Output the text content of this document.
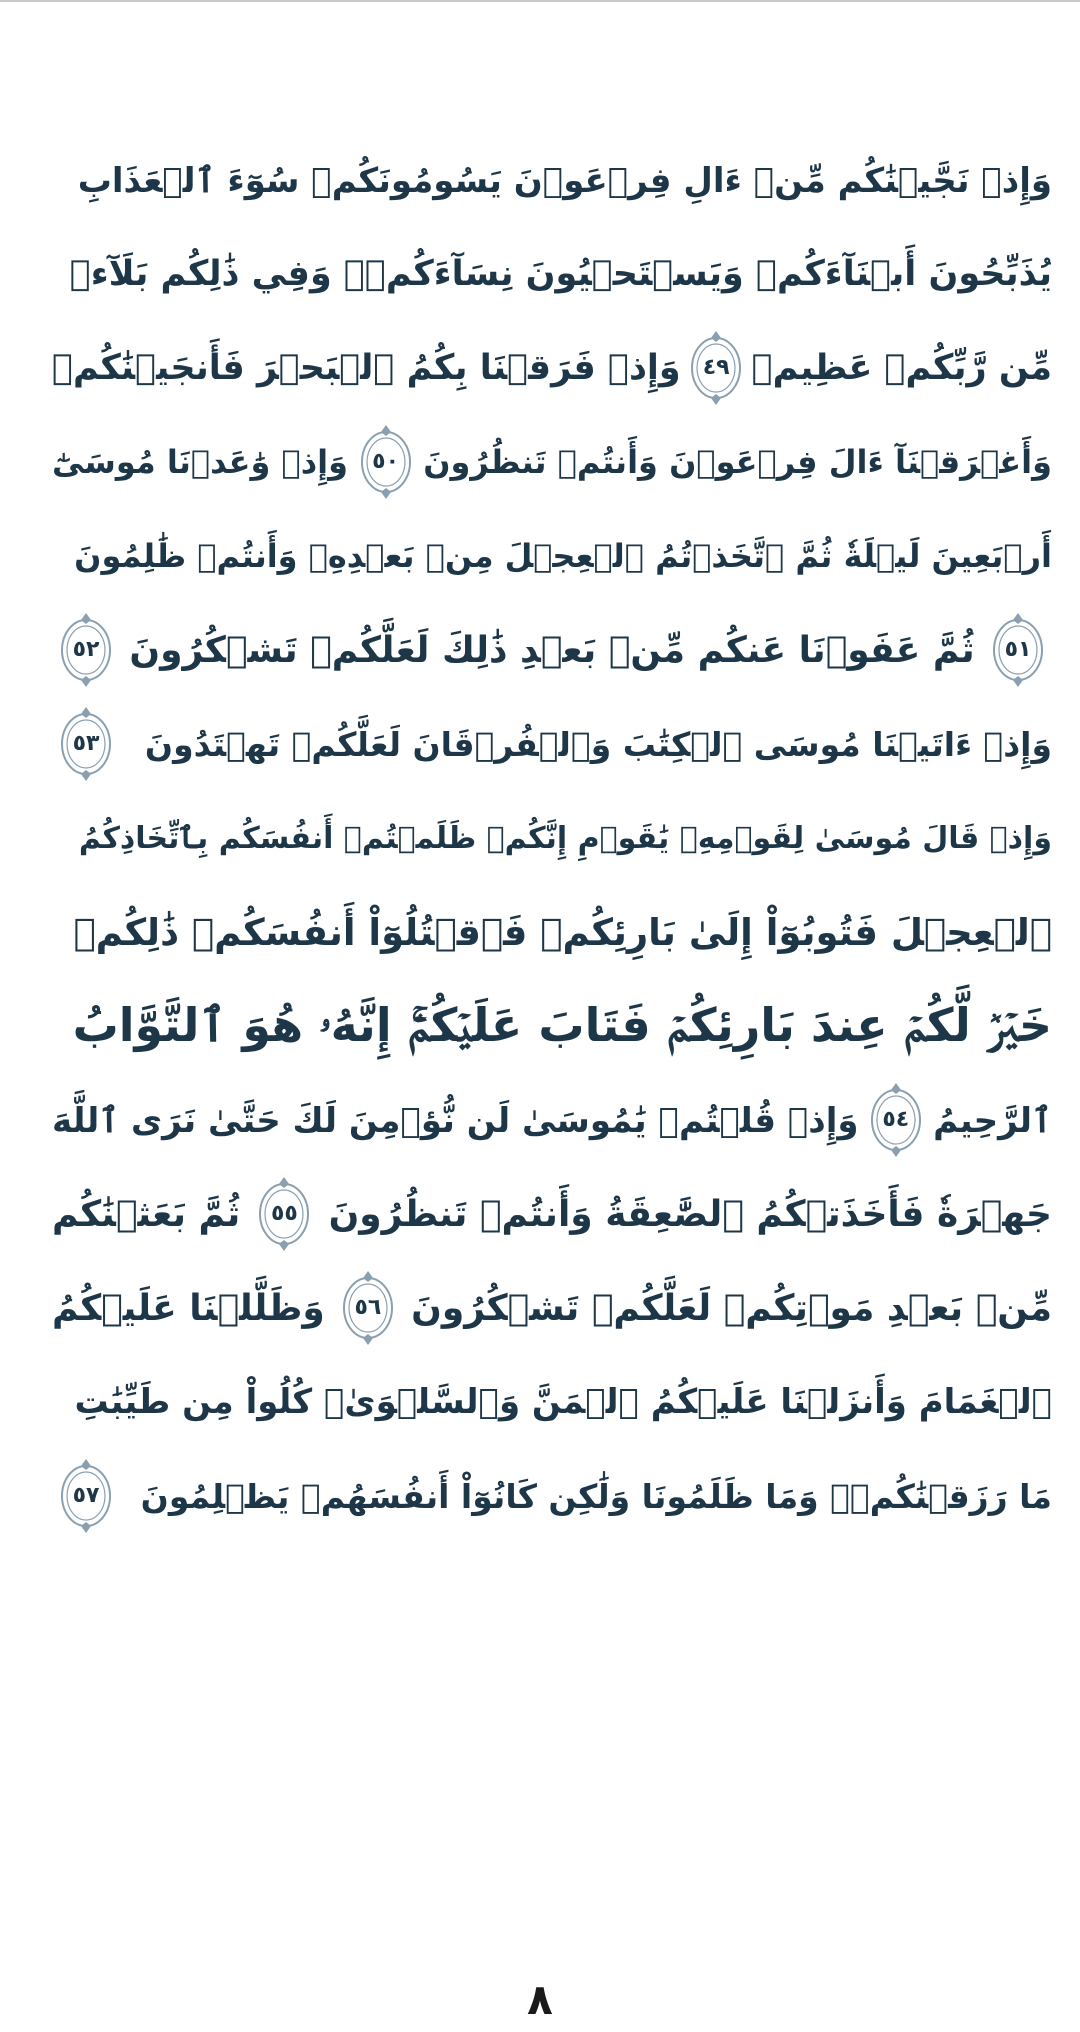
وَإِذۡ نَجَّيۡنَٰكُم مِّنۡ ءَالِ فِرۡعَوۡنَ يَسُومُونَكُمۡ سُوٓءَ ٱلۡعَذَابِ
يُذَبِّحُونَ أَبۡنَآءَكُمۡ وَيَسۡتَحۡيُونَ نِسَآءَكُمۡۚ وَفِي ذَٰلِكُم بَلَآءٞ
مِّن رَّبِّكُمۡ عَظِيمٞ
٤٩
وَإِذۡ فَرَقۡنَا بِكُمُ ٱلۡبَحۡرَ فَأَنجَيۡنَٰكُمۡ
وَأَغۡرَقۡنَآ ءَالَ فِرۡعَوۡنَ وَأَنتُمۡ تَنظُرُونَ
٥٠
وَإِذۡ وَٰعَدۡنَا مُوسَىٰٓ
أَرۡبَعِينَ لَيۡلَةٗ ثُمَّ ٱتَّخَذۡتُمُ ٱلۡعِجۡلَ مِنۢ بَعۡدِهِۦ وَأَنتُمۡ ظَٰلِمُونَ
٥١
ثُمَّ عَفَوۡنَا عَنكُم مِّنۢ بَعۡدِ ذَٰلِكَ لَعَلَّكُمۡ تَشۡكُرُونَ
٥٢
وَإِذۡ ءَاتَيۡنَا مُوسَى ٱلۡكِتَٰبَ وَٱلۡفُرۡقَانَ لَعَلَّكُمۡ تَهۡتَدُونَ
٥٣
وَإِذۡ قَالَ مُوسَىٰ لِقَوۡمِهِۦ يَٰقَوۡمِ إِنَّكُمۡ ظَلَمۡتُمۡ أَنفُسَكُم بِٱتِّخَاذِكُمُ
ٱلۡعِجۡلَ فَتُوبُوٓاْ إِلَىٰ بَارِئِكُمۡ فَٱقۡتُلُوٓاْ أَنفُسَكُمۡ ذَٰلِكُمۡ
خَيۡرٞ لَّكُمۡ عِندَ بَارِئِكُمۡ فَتَابَ عَلَيۡكُمۡۚ إِنَّهُۥ هُوَ ٱلتَّوَّابُ
ٱلرَّحِيمُ
٥٤
وَإِذۡ قُلۡتُمۡ يَٰمُوسَىٰ لَن نُّؤۡمِنَ لَكَ حَتَّىٰ نَرَى ٱللَّهَ
جَهۡرَةٗ فَأَخَذَتۡكُمُ ٱلصَّٰعِقَةُ وَأَنتُمۡ تَنظُرُونَ
٥٥
ثُمَّ بَعَثۡنَٰكُم
مِّنۢ بَعۡدِ مَوۡتِكُمۡ لَعَلَّكُمۡ تَشۡكُرُونَ
٥٦
وَظَلَّلۡنَا عَلَيۡكُمُ
ٱلۡغَمَامَ وَأَنزَلۡنَا عَلَيۡكُمُ ٱلۡمَنَّ وَٱلسَّلۡوَىٰۖ كُلُواْ مِن طَيِّبَٰتِ
مَا رَزَقۡنَٰكُمۡۚ وَمَا ظَلَمُونَا وَلَٰكِن كَانُوٓاْ أَنفُسَهُمۡ يَظۡلِمُونَ
٥٧
٨
